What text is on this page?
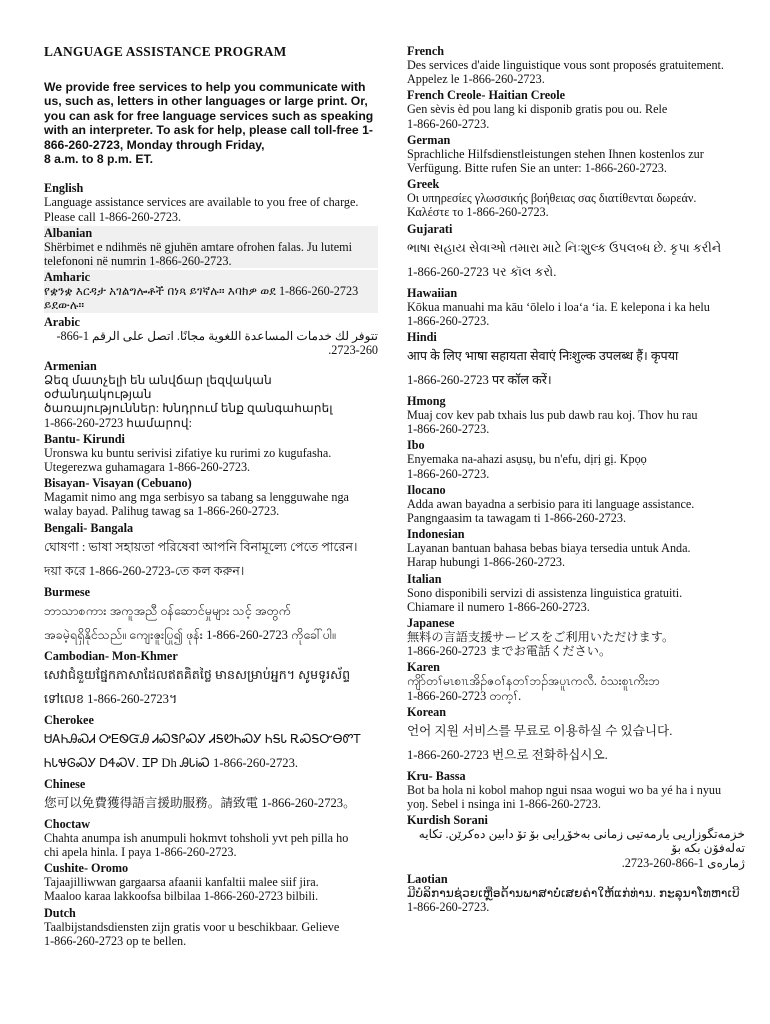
LANGUAGE ASSISTANCE PROGRAM
We provide free services to help you communicate with us, such as, letters in other languages or large print. Or, you can ask for free language services such as speaking with an interpreter. To ask for help, please call toll-free 1-866-260-2723, Monday through Friday,
8 a.m. to 8 p.m. ET.
English
Language assistance services are available to you free of charge.
Please call 1-866-260-2723.
Albanian
Shërbimet e ndihmës në gjuhën amtare ofrohen falas. Ju lutemi
telefononi në numrin 1-866-260-2723.
Amharic
የቋንቋ እርዳታ አገልግሎቶች በነጻ ይገኛሉ። እባክዎ ወደ 1-866-260-2723
ይደውሉ።
Arabic
تتوفر لك خدمات المساعدة اللغوية مجانًا. اتصل على الرقم 1-866-260-2723.
Armenian
Ձեզ մատչելի են անվճար լեզվական օժանդակության
ծառայություններ: Խնդրում ենք զանգահարել
1-866-260-2723 համարով:
Bantu- Kirundi
Uronswa ku buntu serivisi zifatiye ku rurimi zo kugufasha.
Utegerezwa guhamagara 1-866-260-2723.
Bisayan- Visayan (Cebuano)
Magamit nimo ang mga serbisyo sa tabang sa lengguwahe nga
walay bayad. Palihug tawag sa 1-866-260-2723.
Bengali- Bangala
ঘোষণা : ভাষা সহায়তা পরিষেবা আপনি বিনামূল্যে পেতে পারেন।
দয়া করে 1-866-260-2723-তে কল করুন।
Burmese
ဘာသာစကား အကူအညီ ဝန်ဆောင်မှုများ သင့် အတွက်
အခမဲ့ရရှိနိုင်သည်။ ကျေးဇူးပြု၍ ဖုန်း 1-866-260-2723 ကိုခေါ်ပါ။
Cambodian- Mon-Khmer
សេវាជំនួយផ្នែកភាសាដែលឥតគិតថ្លៃ មានសម្រាប់អ្នក។ សូមទូរស័ព្ទ
ទៅលេខ 1-866-260-2723។
Cherokee
ᏌᎪᏂᎯᏍᏗ ᎤᎬᏫᏳᎯ ᏗᏍᏕᎵᏍᎩ ᏗᎦᏬᏂᏍᎩ ᏂᎦᏓ ᎡᏍᎦᏅᎾᏛᎢ
ᏂᏓᏠᎶᏍᎩ ᎠᏎᏍᏙ. ᏆᏢ Dh ᎯᏓᎥᏍ 1-866-260-2723.
Chinese
您可以免費獲得語言援助服務。請致電 1-866-260-2723。
Choctaw
Chahta anumpa ish anumpuli hokmvt tohsholi yvt peh pilla ho
chi apela hinla. I paya 1-866-260-2723.
Cushite- Oromo
Tajaajilliwwan gargaarsa afaanii kanfaltii malee siif jira.
Maaloo karaa lakkoofsa bilbilaa 1-866-260-2723 bilbili.
Dutch
Taalbijstandsdiensten zijn gratis voor u beschikbaar. Gelieve
1-866-260-2723 op te bellen.
French
Des services d'aide linguistique vous sont proposés gratuitement.
Appelez le 1-866-260-2723.
French Creole- Haitian Creole
Gen sèvis èd pou lang ki disponib gratis pou ou. Rele
1-866-260-2723.
German
Sprachliche Hilfsdienstleistungen stehen Ihnen kostenlos zur
Verfügung. Bitte rufen Sie an unter: 1-866-260-2723.
Greek
Οι υπηρεσίες γλωσσικής βοήθειας σας διατίθενται δωρεάν.
Καλέστε το 1-866-260-2723.
Gujarati
ભાષા સહાય સેવાઓ તમારા માટે નિઃશુલ્ક ઉપલબ્ધ છે. કૃપા કરીને
1-866-260-2723 પર કૉલ કરો.
Hawaiian
Kōkua manuahi ma kāu ʻōlelo i loaʻa ʻia. E kelepona i ka helu
1-866-260-2723.
Hindi
आप के लिए भाषा सहायता सेवाएं निःशुल्क उपलब्ध हैं। कृपया
1-866-260-2723 पर कॉल करें।
Hmong
Muaj cov kev pab txhais lus pub dawb rau koj. Thov hu rau
1-866-260-2723.
Ibo
Enyemaka na-ahazi asụsụ, bu n'efu, dịrị gị. Kpọọ
1-866-260-2723.
Ilocano
Adda awan bayadna a serbisio para iti language assistance.
Pangngaasim ta tawagam ti 1-866-260-2723.
Indonesian
Layanan bantuan bahasa bebas biaya tersedia untuk Anda.
Harap hubungi 1-866-260-2723.
Italian
Sono disponibili servizi di assistenza linguistica gratuiti.
Chiamare il numero 1-866-260-2723.
Japanese
無料の言語支援サービスをご利用いただけます。
1-866-260-2723 までお電話ください。
Karen
ကျိာ်တၢ်မၤစၢၤအိၣ်ဇ၀ၢ်နတၢ်ဘၣ်အပူၤကလီ. ဝံသးစူၤကိးဘ
1-866-260-2723 တက့ၢ်.
Korean
언어 지원 서비스를 무료로 이용하실 수 있습니다.
1-866-260-2723 번으로 전화하십시오.
Kru- Bassa
Bot ba hola ni kobol mahop ngui nsaa wogui wo ba yé ha i nyuu
yoŋ. Sebel i nsinga ini 1-866-260-2723.
Kurdish Sorani
خزمەتگوزاریی یارمەتیی زمانی بەخۆڕایی بۆ تۆ دابین دەکرێن. تکایە تەلەفۆن بکە بۆ
ژمارەی 1-866-260-2723.
Laotian
ມີບໍລິການຊ່ວຍເຫຼືອດ້ານພາສາບໍ່ເສຍຄ່າໃຫ້ແກ່ທ່ານ. ກະລຸນາໂທຫາເບີ
1-866-260-2723.
